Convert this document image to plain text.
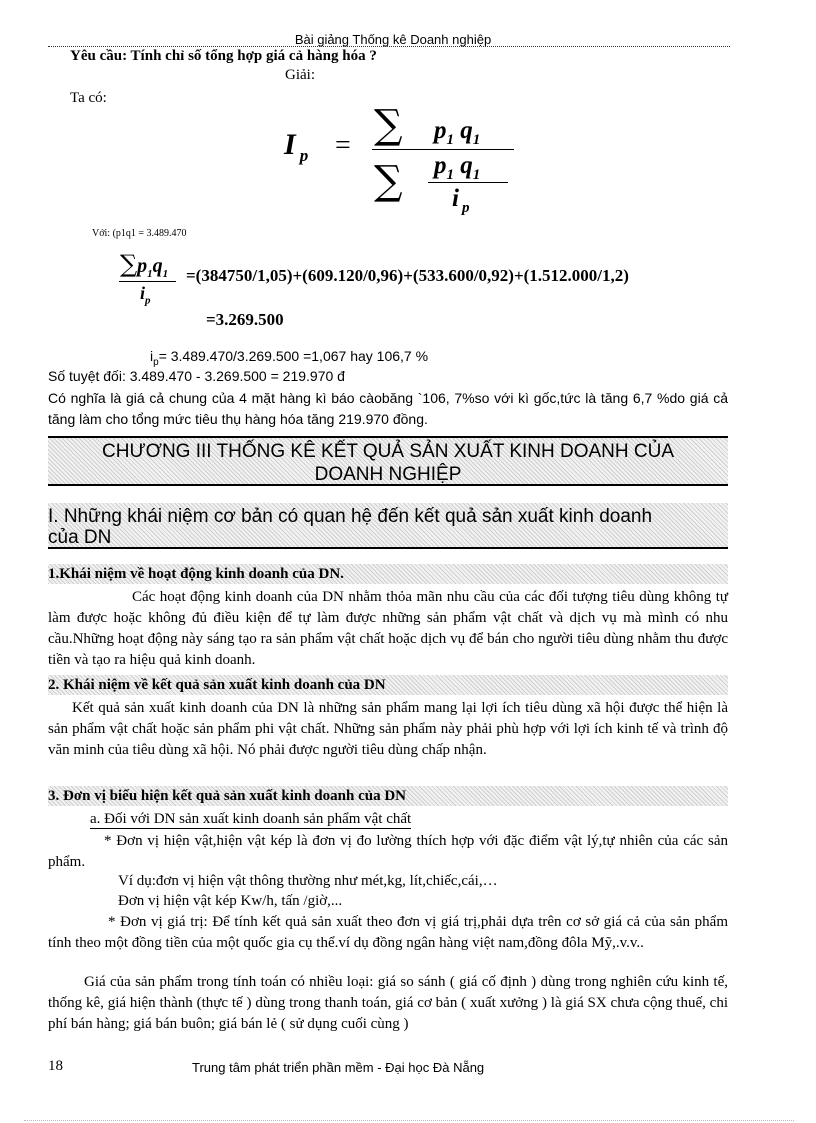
Bài giảng Thống kê Doanh nghiệp
Yêu cầu: Tính chỉ số tổng hợp giá cả hàng hóa ?
Giải:
Ta có:
I $_p$ = ∑ $p_1$ $q_1$
∑ $p_1$ $q_1$
i $_p$
Với: (p1q1 = 3.489.470
$\sum p_1q_1$
$i_p$
=(384750/1,05)+(609.120/0,96)+(533.600/0,92)+(1.512.000/1,2)
=3.269.500
$i_p= 3.489.470/3.269.500 =1,067$ hay 106,7 %
Số tuyệt đối: 3.489.470 - 3.269.500 = 219.970 đ
Có nghĩa là giá cả chung của 4 mặt hàng kì báo càobăng `106, 7%so với kì gốc,tức là tăng 6,7 %do giá cả tăng làm cho tổng mức tiêu thụ hàng hóa tăng 219.970 đồng.
CHƯƠNG III THỐNG KÊ KẾT QUẢ SẢN XUẤT KINH DOANH CỦA
DOANH NGHIỆP
I. Những khái niệm cơ bản có quan hệ đến kết quả sản xuất kinh doanh
của DN
1.Khái niệm về hoạt động kinh doanh của DN.
Các hoạt động kinh doanh của DN nhằm thỏa mãn nhu cầu của các đối tượng tiêu dùng không tự làm được hoặc không đủ điều kiện để tự làm được những sản phẩm vật chất và dịch vụ mà mình có nhu cầu.Những hoạt động này sáng tạo ra sản phẩm vật chất hoặc dịch vụ để bán cho người tiêu dùng nhằm thu được tiền và tạo ra hiệu quả kinh doanh.
2. Khái niệm về kết quả sản xuất kinh doanh của DN
Kết quả sản xuất kinh doanh của DN là những sản phẩm mang lại lợi ích tiêu dùng xã hội được thể hiện là sản phẩm vật chất hoặc sản phẩm phi vật chất. Những sản phẩm này phải phù hợp với lợi ích kinh tế và trình độ văn minh của tiêu dùng xã hội. Nó phải được người tiêu dùng chấp nhận.
3. Đơn vị biểu hiện kết quả sản xuất kinh doanh của DN
a. Đối với DN sản xuất kinh doanh sản phẩm vật chất
* Đơn vị hiện vật,hiện vật kép là đơn vị đo lường thích hợp với đặc điểm vật lý,tự nhiên của các sản phẩm.
Ví dụ:đơn vị hiện vật thông thường như mét,kg, lít,chiếc,cái,…
Đơn vị hiện vật kép Kw/h, tấn /giờ,...
* Đơn vị giá trị: Để tính kết quả sản xuất theo đơn vị giá trị,phải dựa trên cơ sở giá cả của sản phẩm tính theo một đồng tiền của một quốc gia cụ thể.ví dụ đồng ngân hàng việt nam,đồng đôla Mỹ,.v.v..
Giá của sản phẩm trong tính toán có nhiều loại: giá so sánh ( giá cố định ) dùng trong nghiên cứu kinh tế, thống kê, giá hiện thành (thực tế ) dùng trong thanh toán, giá cơ bản ( xuất xưởng ) là giá SX chưa cộng thuế, chi phí bán hàng; giá bán buôn; giá bán lẻ ( sử dụng cuối cùng )
18	Trung tâm phát triển phần mềm - Đại học Đà Nẵng
